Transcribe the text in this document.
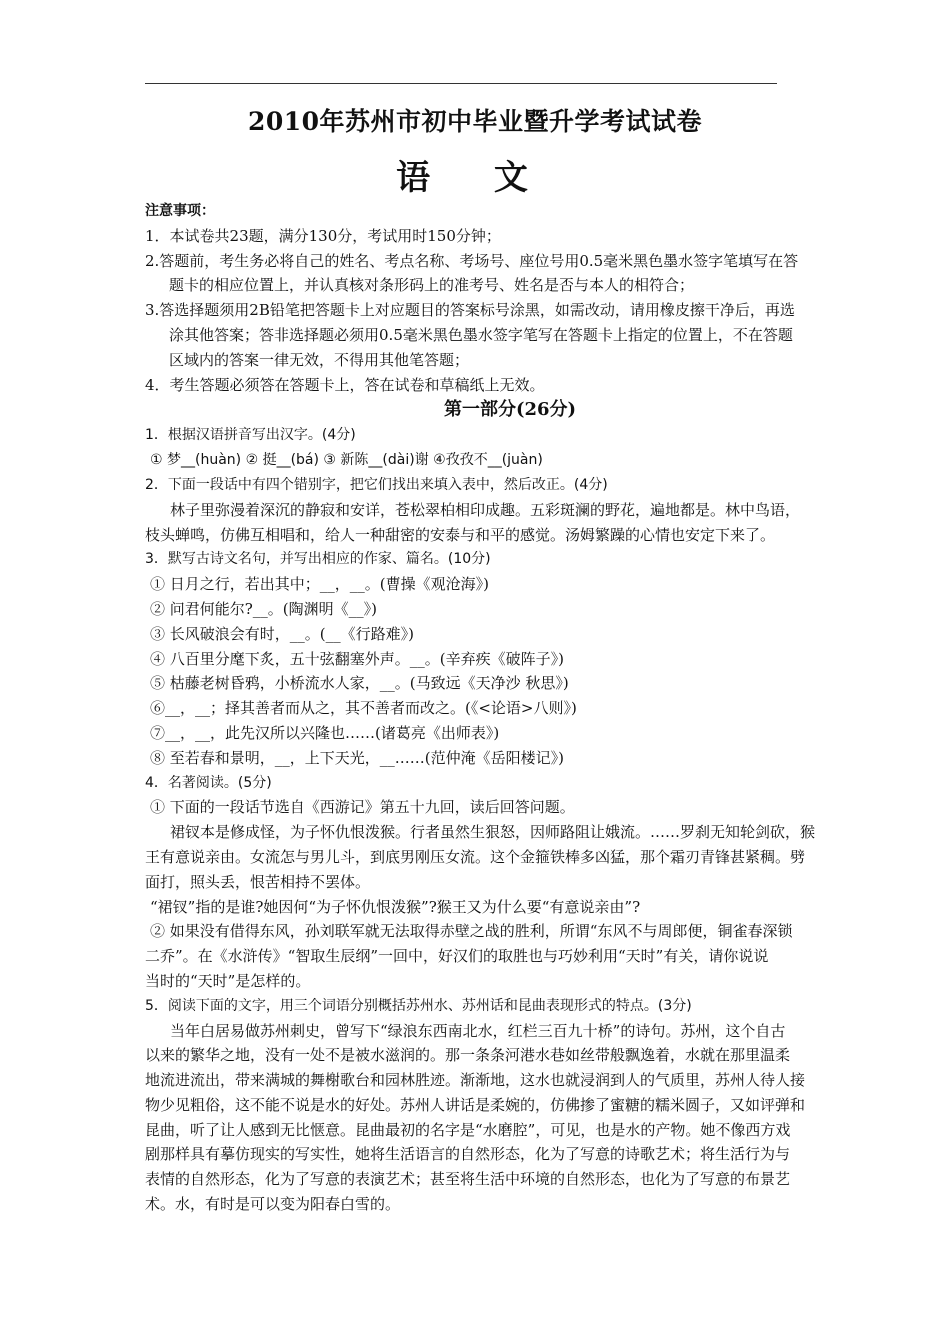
2010年苏州市初中毕业暨升学考试试卷
语 文
注意事项：
1．本试卷共23题，满分130分，考试用时150分钟；
2.答题前，考生务必将自己的姓名、考点名称、考场号、座位号用0.5毫米黑色墨水签字笔填写在答
题卡的相应位置上，并认真核对条形码上的准考号、姓名是否与本人的相符合；
3.答选择题须用2B铅笔把答题卡上对应题目的答案标号涂黑，如需改动，请用橡皮擦干净后，再选
涂其他答案；答非选择题必须用0.5毫米黑色墨水签字笔写在答题卡上指定的位置上，不在答题
区域内的答案一律无效，不得用其他笔答题；
4．考生答题必须答在答题卡上，答在试卷和草稿纸上无效。
第一部分(26分)
1．根据汉语拼音写出汉字。(4分)
① 梦__(huàn) ② 挺__(bá) ③ 新陈__(dài)谢 ④孜孜不__(juàn)
2．下面一段话中有四个错别字，把它们找出来填入表中，然后改正。(4分)
林子里弥漫着深沉的静寂和安详，苍松翠柏相印成趣。五彩斑澜的野花，遍地都是。林中鸟语，
枝头蝉鸣，仿佛互相唱和，给人一种甜密的安泰与和平的感觉。汤姆繁躁的心情也安定下来了。
3．默写古诗文名句，并写出相应的作家、篇名。(10分)
① 日月之行，若出其中；__，__。(曹操《观沧海》)
② 问君何能尔?__。(陶渊明《__》)
③ 长风破浪会有时，__。(__《行路难》)
④ 八百里分麾下炙，五十弦翻塞外声。__。(辛弃疾《破阵子》)
⑤ 枯藤老树昏鸦，小桥流水人家，__。(马致远《天净沙 秋思》)
⑥__，__；择其善者而从之，其不善者而改之。(《<论语>八则》)
⑦__，__，此先汉所以兴隆也……(诸葛亮《出师表》)
⑧ 至若春和景明，__，上下天光，__……(范仲淹《岳阳楼记》)
4．名著阅读。(5分)
① 下面的一段话节选自《西游记》第五十九回，读后回答问题。
裙钗本是修成怪，为子怀仇恨泼猴。行者虽然生狠怒，因师路阻让娥流。……罗刹无知轮剑砍，猴
王有意说亲由。女流怎与男儿斗，到底男刚压女流。这个金箍铁棒多凶猛，那个霜刃青锋甚紧稠。劈
面打，照头丢，恨苦相持不罢体。
“裙钗”指的是谁?她因何“为子怀仇恨泼猴”?猴王又为什么要“有意说亲由”?
② 如果没有借得东风，孙刘联军就无法取得赤壁之战的胜利，所谓“东风不与周郎便，铜雀春深锁
二乔”。在《水浒传》“智取生辰纲”一回中，好汉们的取胜也与巧妙利用“天时”有关，请你说说
当时的“天时”是怎样的。
5．阅读下面的文字，用三个词语分别概括苏州水、苏州话和昆曲表现形式的特点。(3分)
当年白居易做苏州刺史，曾写下“绿浪东西南北水，红栏三百九十桥”的诗句。苏州，这个自古
以来的繁华之地，没有一处不是被水滋润的。那一条条河港水巷如丝带般飘逸着，水就在那里温柔
地流进流出，带来满城的舞榭歌台和园林胜迹。渐渐地，这水也就浸润到人的气质里，苏州人待人接
物少见粗俗，这不能不说是水的好处。苏州人讲话是柔婉的，仿佛掺了蜜糖的糯米圆子，又如评弹和
昆曲，听了让人感到无比惬意。昆曲最初的名字是“水磨腔”，可见，也是水的产物。她不像西方戏
剧那样具有摹仿现实的写实性，她将生活语言的自然形态，化为了写意的诗歌艺术；将生活行为与
表情的自然形态，化为了写意的表演艺术；甚至将生活中环境的自然形态，也化为了写意的布景艺
术。水，有时是可以变为阳春白雪的。
